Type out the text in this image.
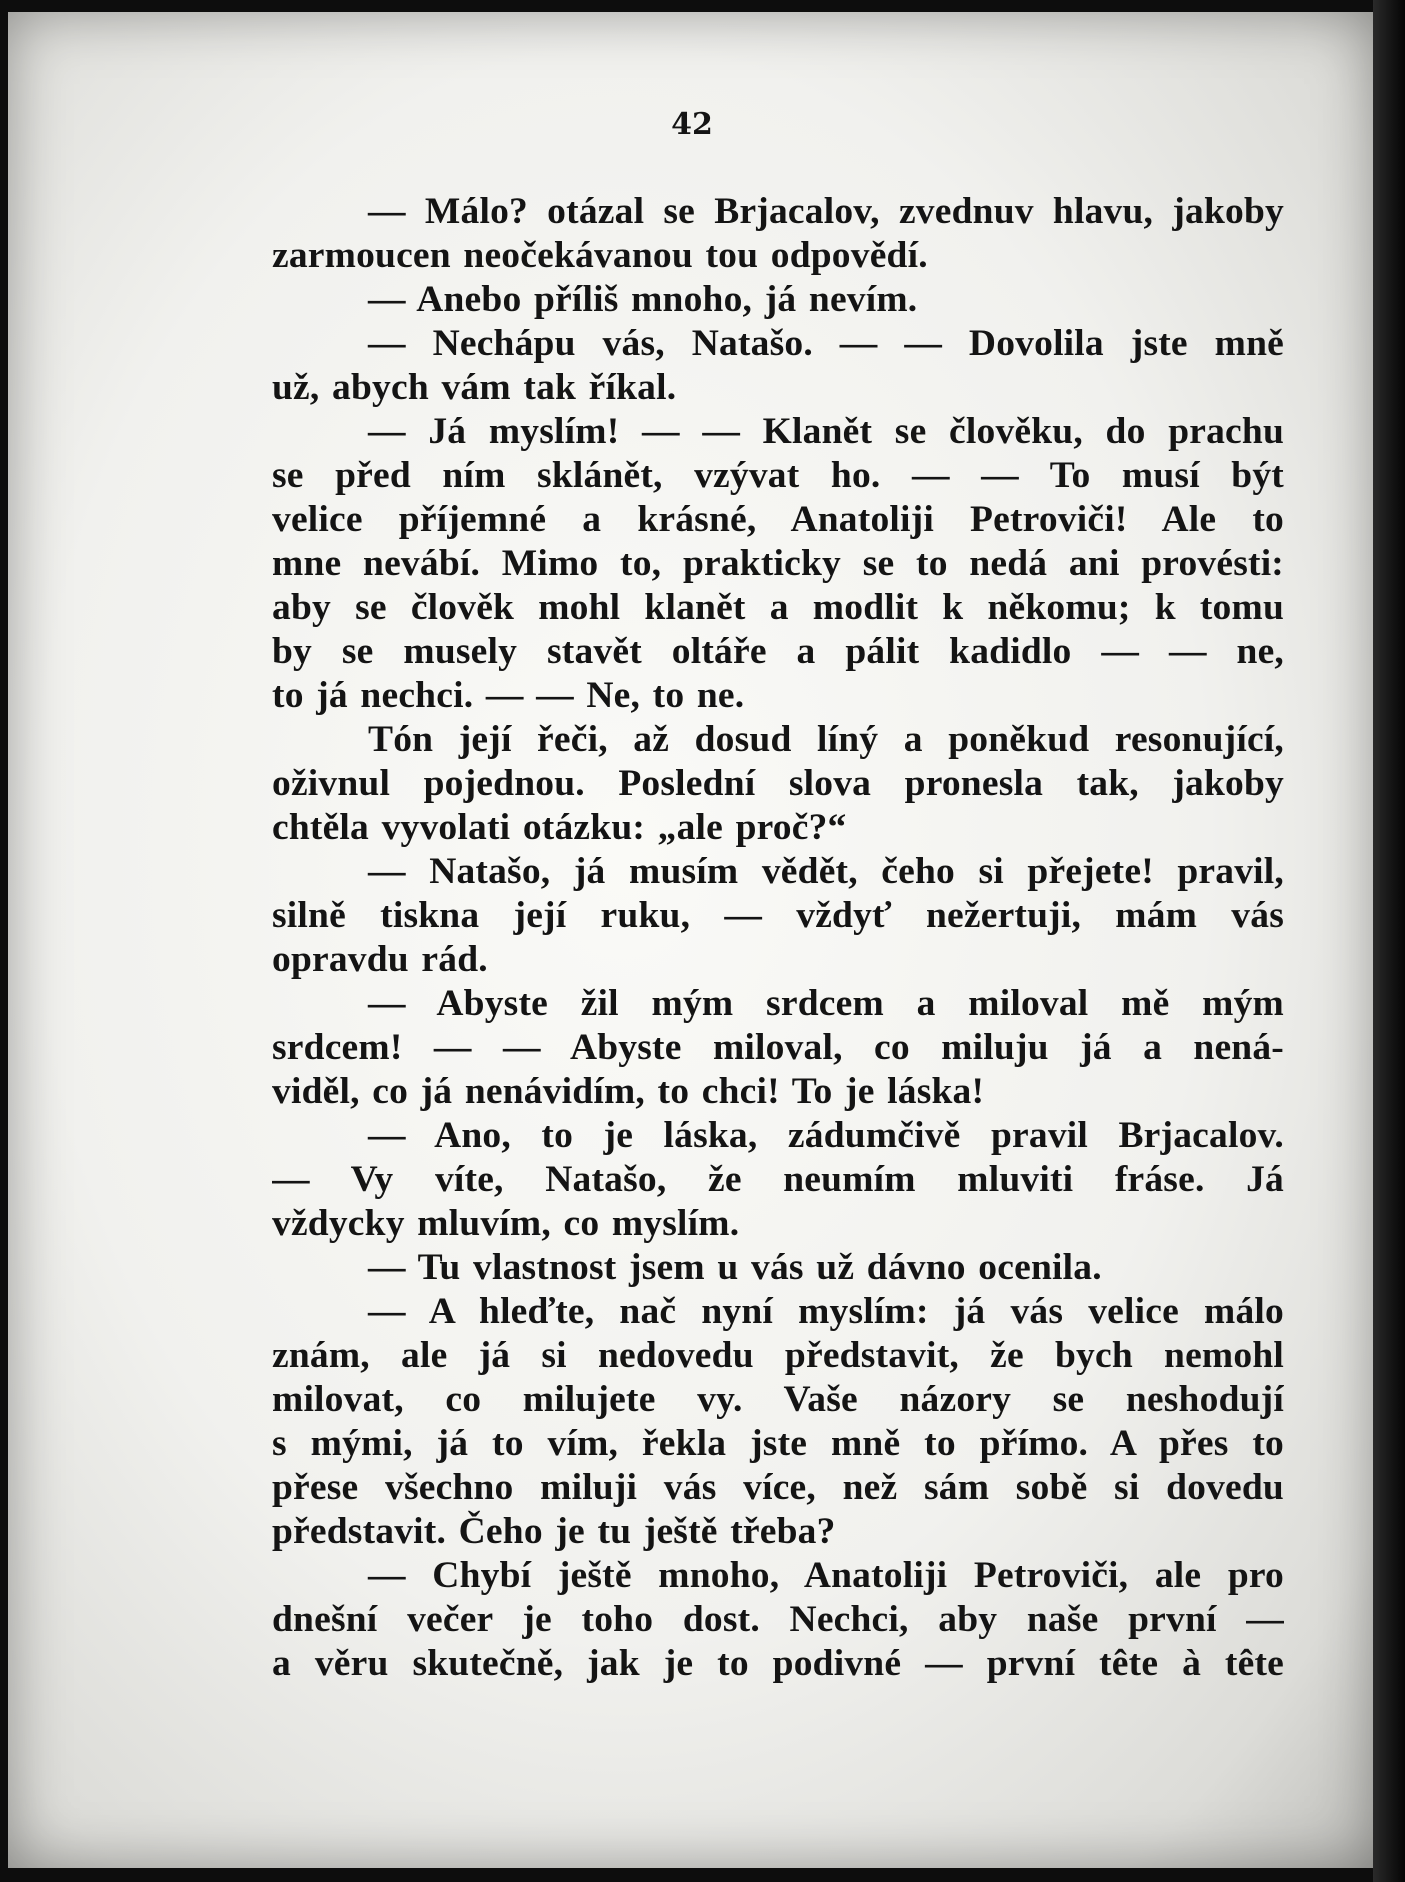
42
— Málo? otázal se Brjacalov, zvednuv hlavu, jakoby
zarmoucen neočekávanou tou odpovědí.
— Anebo příliš mnoho, já nevím.
— Nechápu vás, Natašo. — — Dovolila jste mně
už, abych vám tak říkal.
— Já myslím! — — Klanět se člověku, do prachu
se před ním sklánět, vzývat ho. — — To musí být
velice příjemné a krásné, Anatoliji Petroviči! Ale to
mne nevábí. Mimo to, prakticky se to nedá ani provésti:
aby se člověk mohl klanět a modlit k někomu; k tomu
by se musely stavět oltáře a pálit kadidlo — — ne,
to já nechci. — — Ne, to ne.
Tón její řeči, až dosud líný a poněkud resonující,
oživnul pojednou. Poslední slova pronesla tak, jakoby
chtěla vyvolati otázku: „ale proč?“
— Natašo, já musím vědět, čeho si přejete! pravil,
silně tiskna její ruku, — vždyť nežertuji, mám vás
opravdu rád.
— Abyste žil mým srdcem a miloval mě mým
srdcem! — — Abyste miloval, co miluju já a nená-
viděl, co já nenávidím, to chci! To je láska!
— Ano, to je láska, zádumčivě pravil Brjacalov.
— Vy víte, Natašo, že neumím mluviti fráse. Já
vždycky mluvím, co myslím.
— Tu vlastnost jsem u vás už dávno ocenila.
— A hleďte, nač nyní myslím: já vás velice málo
znám, ale já si nedovedu představit, že bych nemohl
milovat, co milujete vy. Vaše názory se neshodují
s mými, já to vím, řekla jste mně to přímo. A přes to
přese všechno miluji vás více, než sám sobě si dovedu
představit. Čeho je tu ještě třeba?
— Chybí ještě mnoho, Anatoliji Petroviči, ale pro
dnešní večer je toho dost. Nechci, aby naše první —
a věru skutečně, jak je to podivné — první tête à tête
